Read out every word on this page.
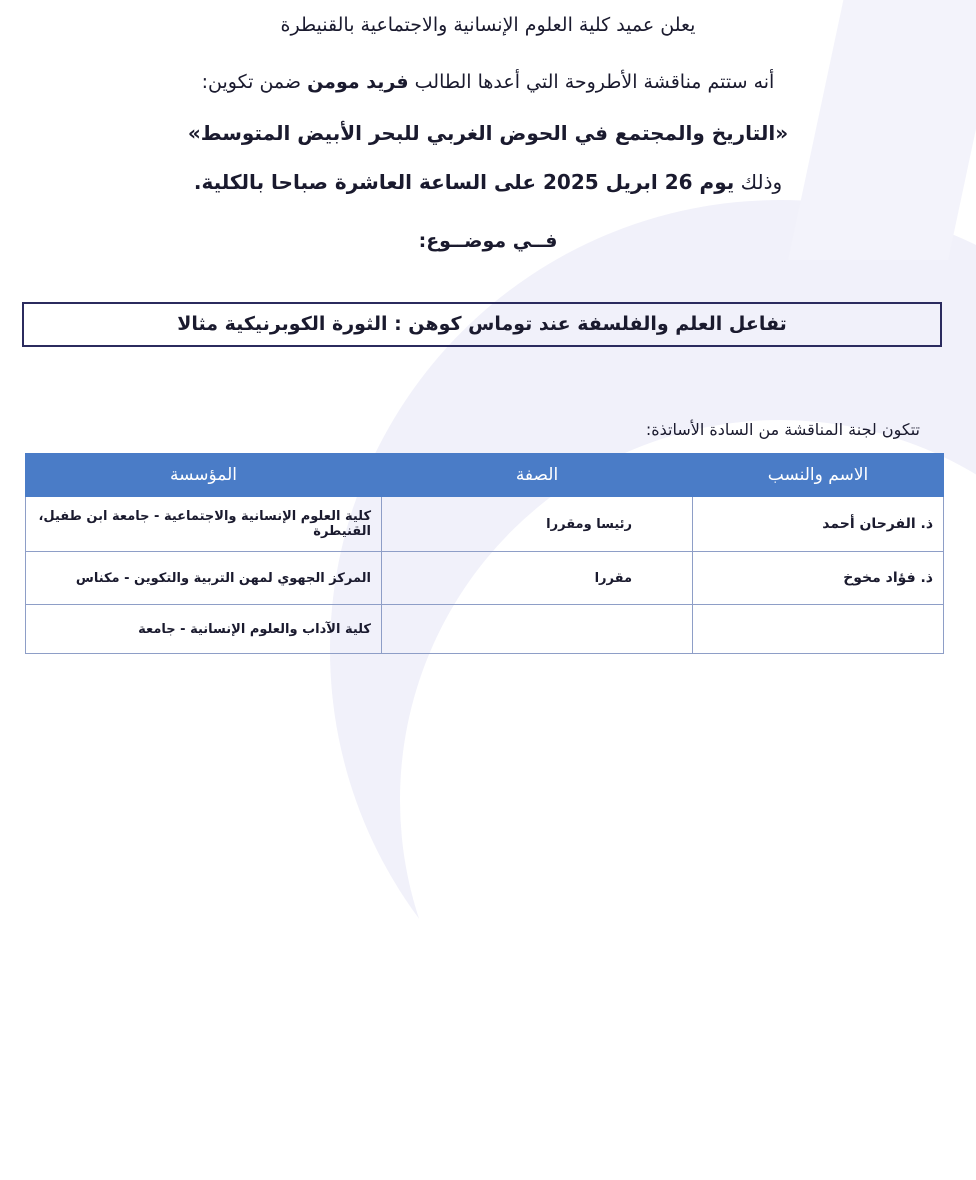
يعلن عميد كلية العلوم الإنسانية والاجتماعية بالقنيطرة
أنه ستتم مناقشة الأطروحة التي أعدها الطالب فريد مومن ضمن تكوين:
«التاريخ والمجتمع في الحوض الغربي للبحر الأبيض المتوسط»
وذلك يوم 26 ابريل 2025 على الساعة العاشرة صباحا بالكلية.
فــي موضــوع:
تفاعل العلم والفلسفة عند توماس كوهن : الثورة الكوبرنيكية مثالا
تتكون لجنة المناقشة من السادة الأساتذة:
الاسم والنسب	الصفة	المؤسسة
ذ. الفرحان أحمد	رئيسا ومقررا	كلية العلوم الإنسانية والاجتماعية - جامعة ابن طفيل، القنيطرة
ذ. فؤاد مخوخ	مقررا	المركز الجهوي لمهن التربية والتكوين - مكناس
		كلية الآداب والعلوم الإنسانية - جامعة
